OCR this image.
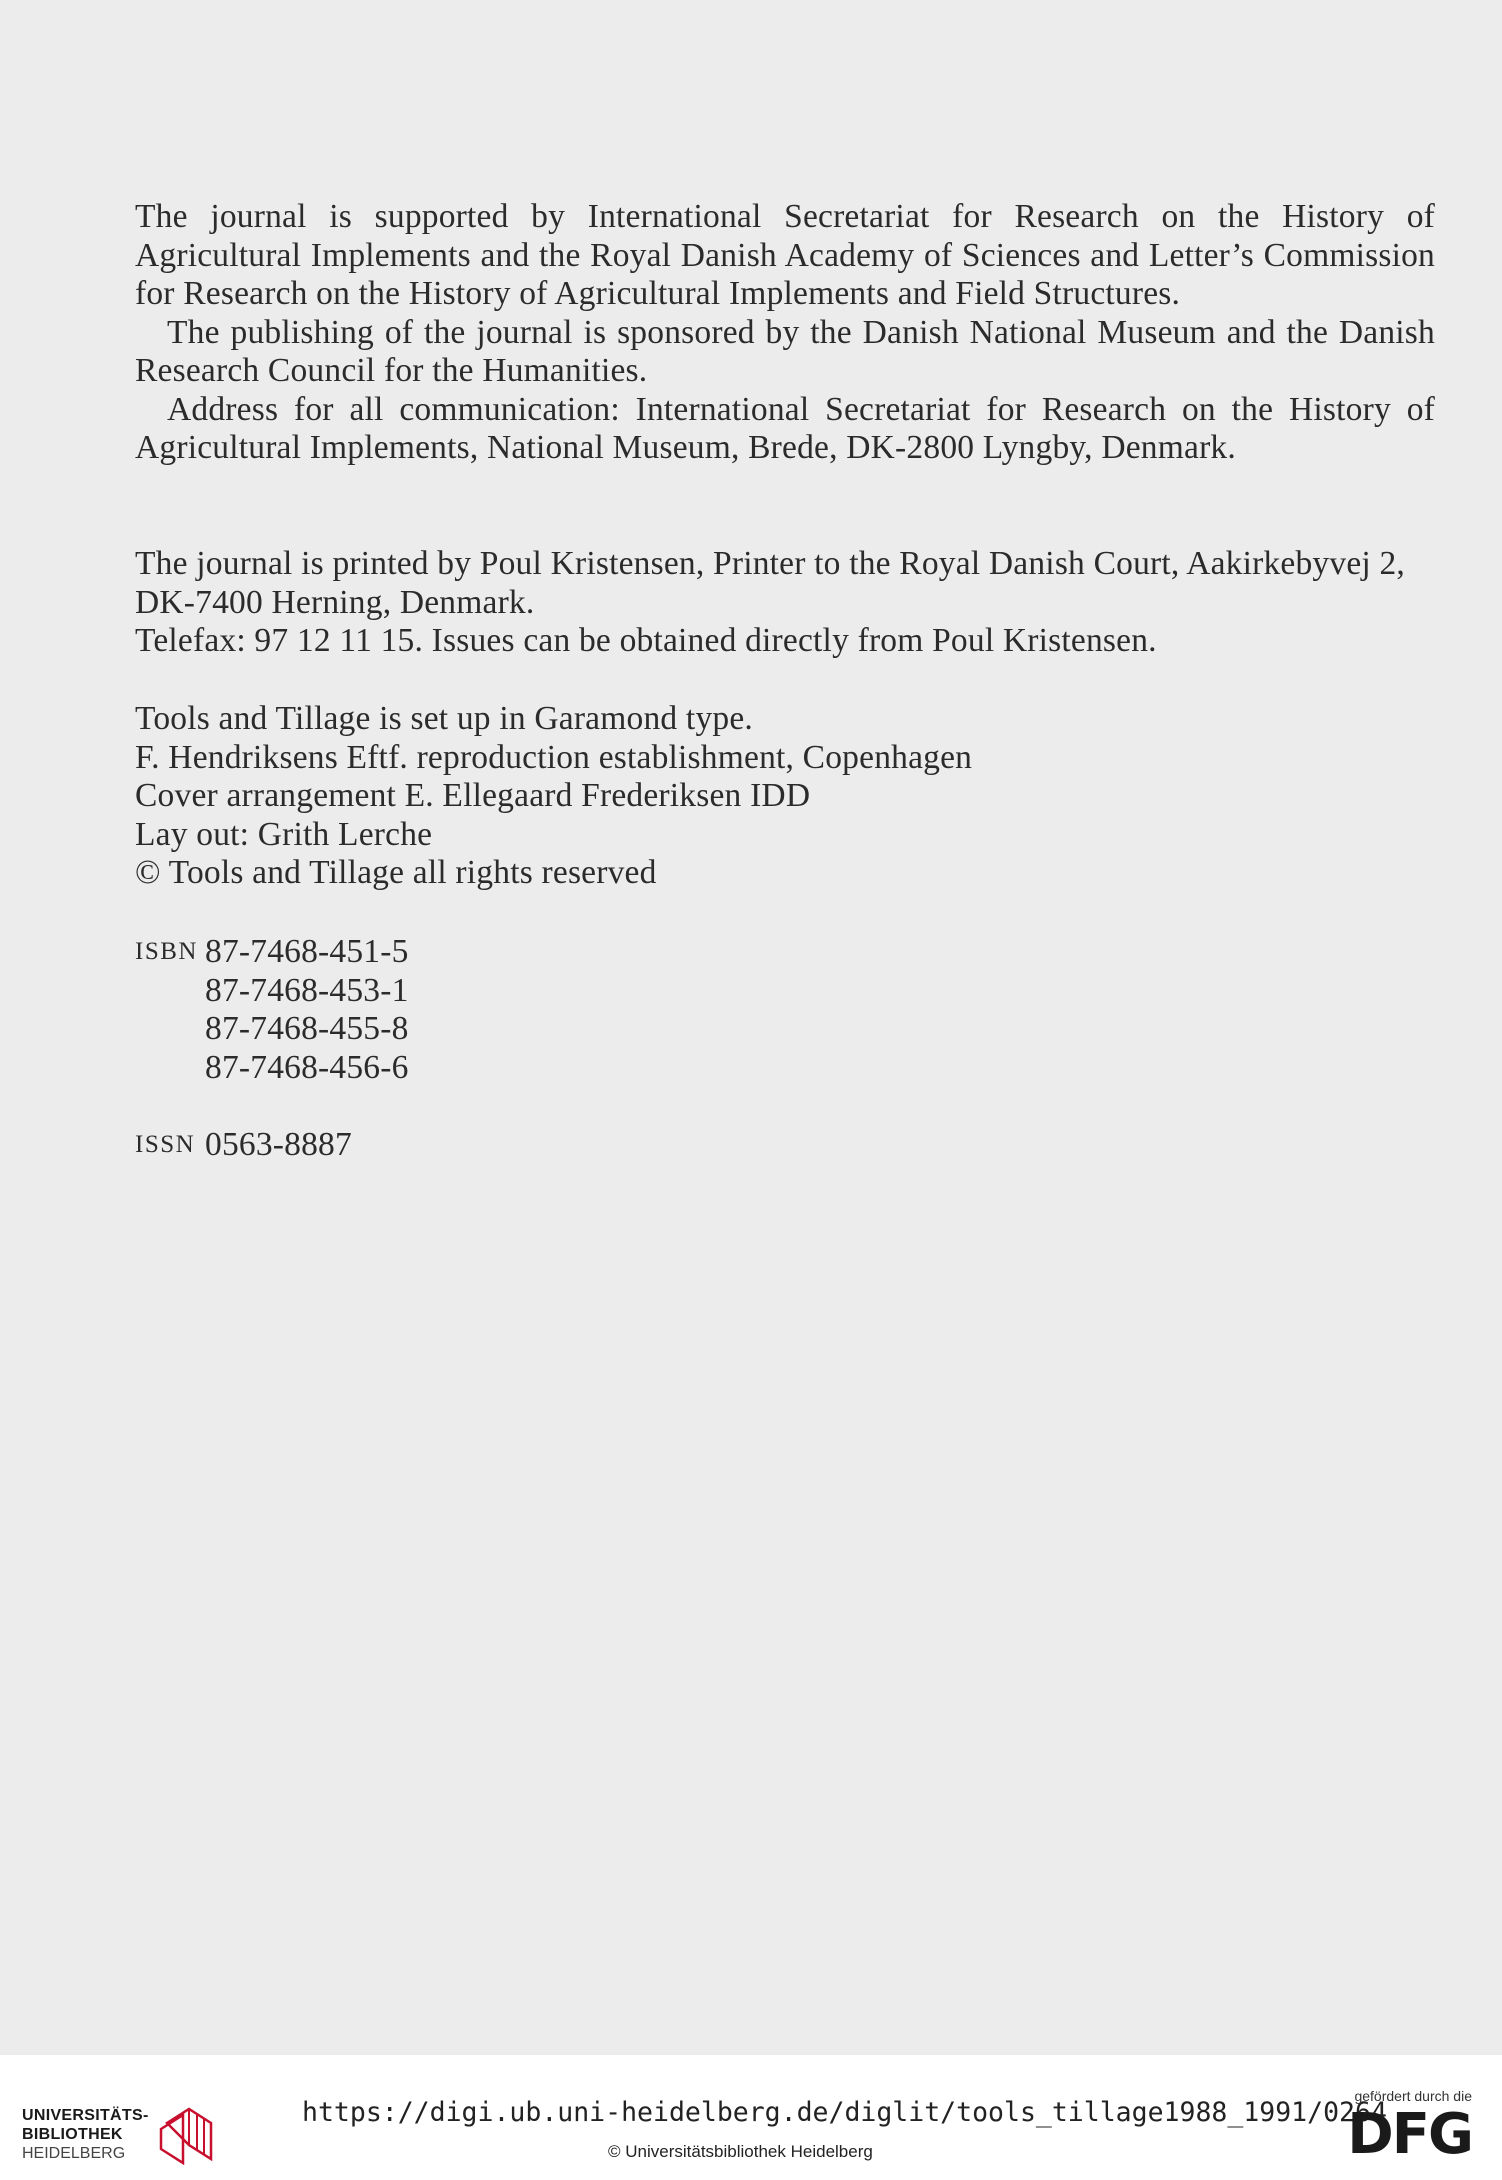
The journal is supported by International Secretariat for Research on the History of Agricultural Implements and the Royal Danish Academy of Sciences and Letter’s Commission for Research on the History of Agricultural Implements and Field Structures.

The publishing of the journal is sponsored by the Danish National Museum and the Danish Research Council for the Humanities.

Address for all communication: International Secretariat for Research on the History of Agricultural Implements, National Museum, Brede, DK-2800 Lyngby, Denmark.

The journal is printed by Poul Kristensen, Printer to the Royal Danish Court, Aakirkebyvej 2,

DK-7400 Herning, Denmark.

Telefax: 97 12 11 15. Issues can be obtained directly from Poul Kristensen.

Tools and Tillage is set up in Garamond type.

F. Hendriksens Eftf. reproduction establishment, Copenhagen

Cover arrangement E. Ellegaard Frederiksen IDD

Lay out: Grith Lerche

© Tools and Tillage all rights reserved

ISBN 87-7468-451-5
87-7468-453-1
87-7468-455-8
87-7468-456-6
ISSN 0563-8887
UNIVERSITÄTS-
BIBLIOTHEK
HEIDELBERG
https://digi.ub.uni-heidelberg.de/diglit/tools_tillage1988_1991/0264
© Universitätsbibliothek Heidelberg
gefördert durch die
DFG
